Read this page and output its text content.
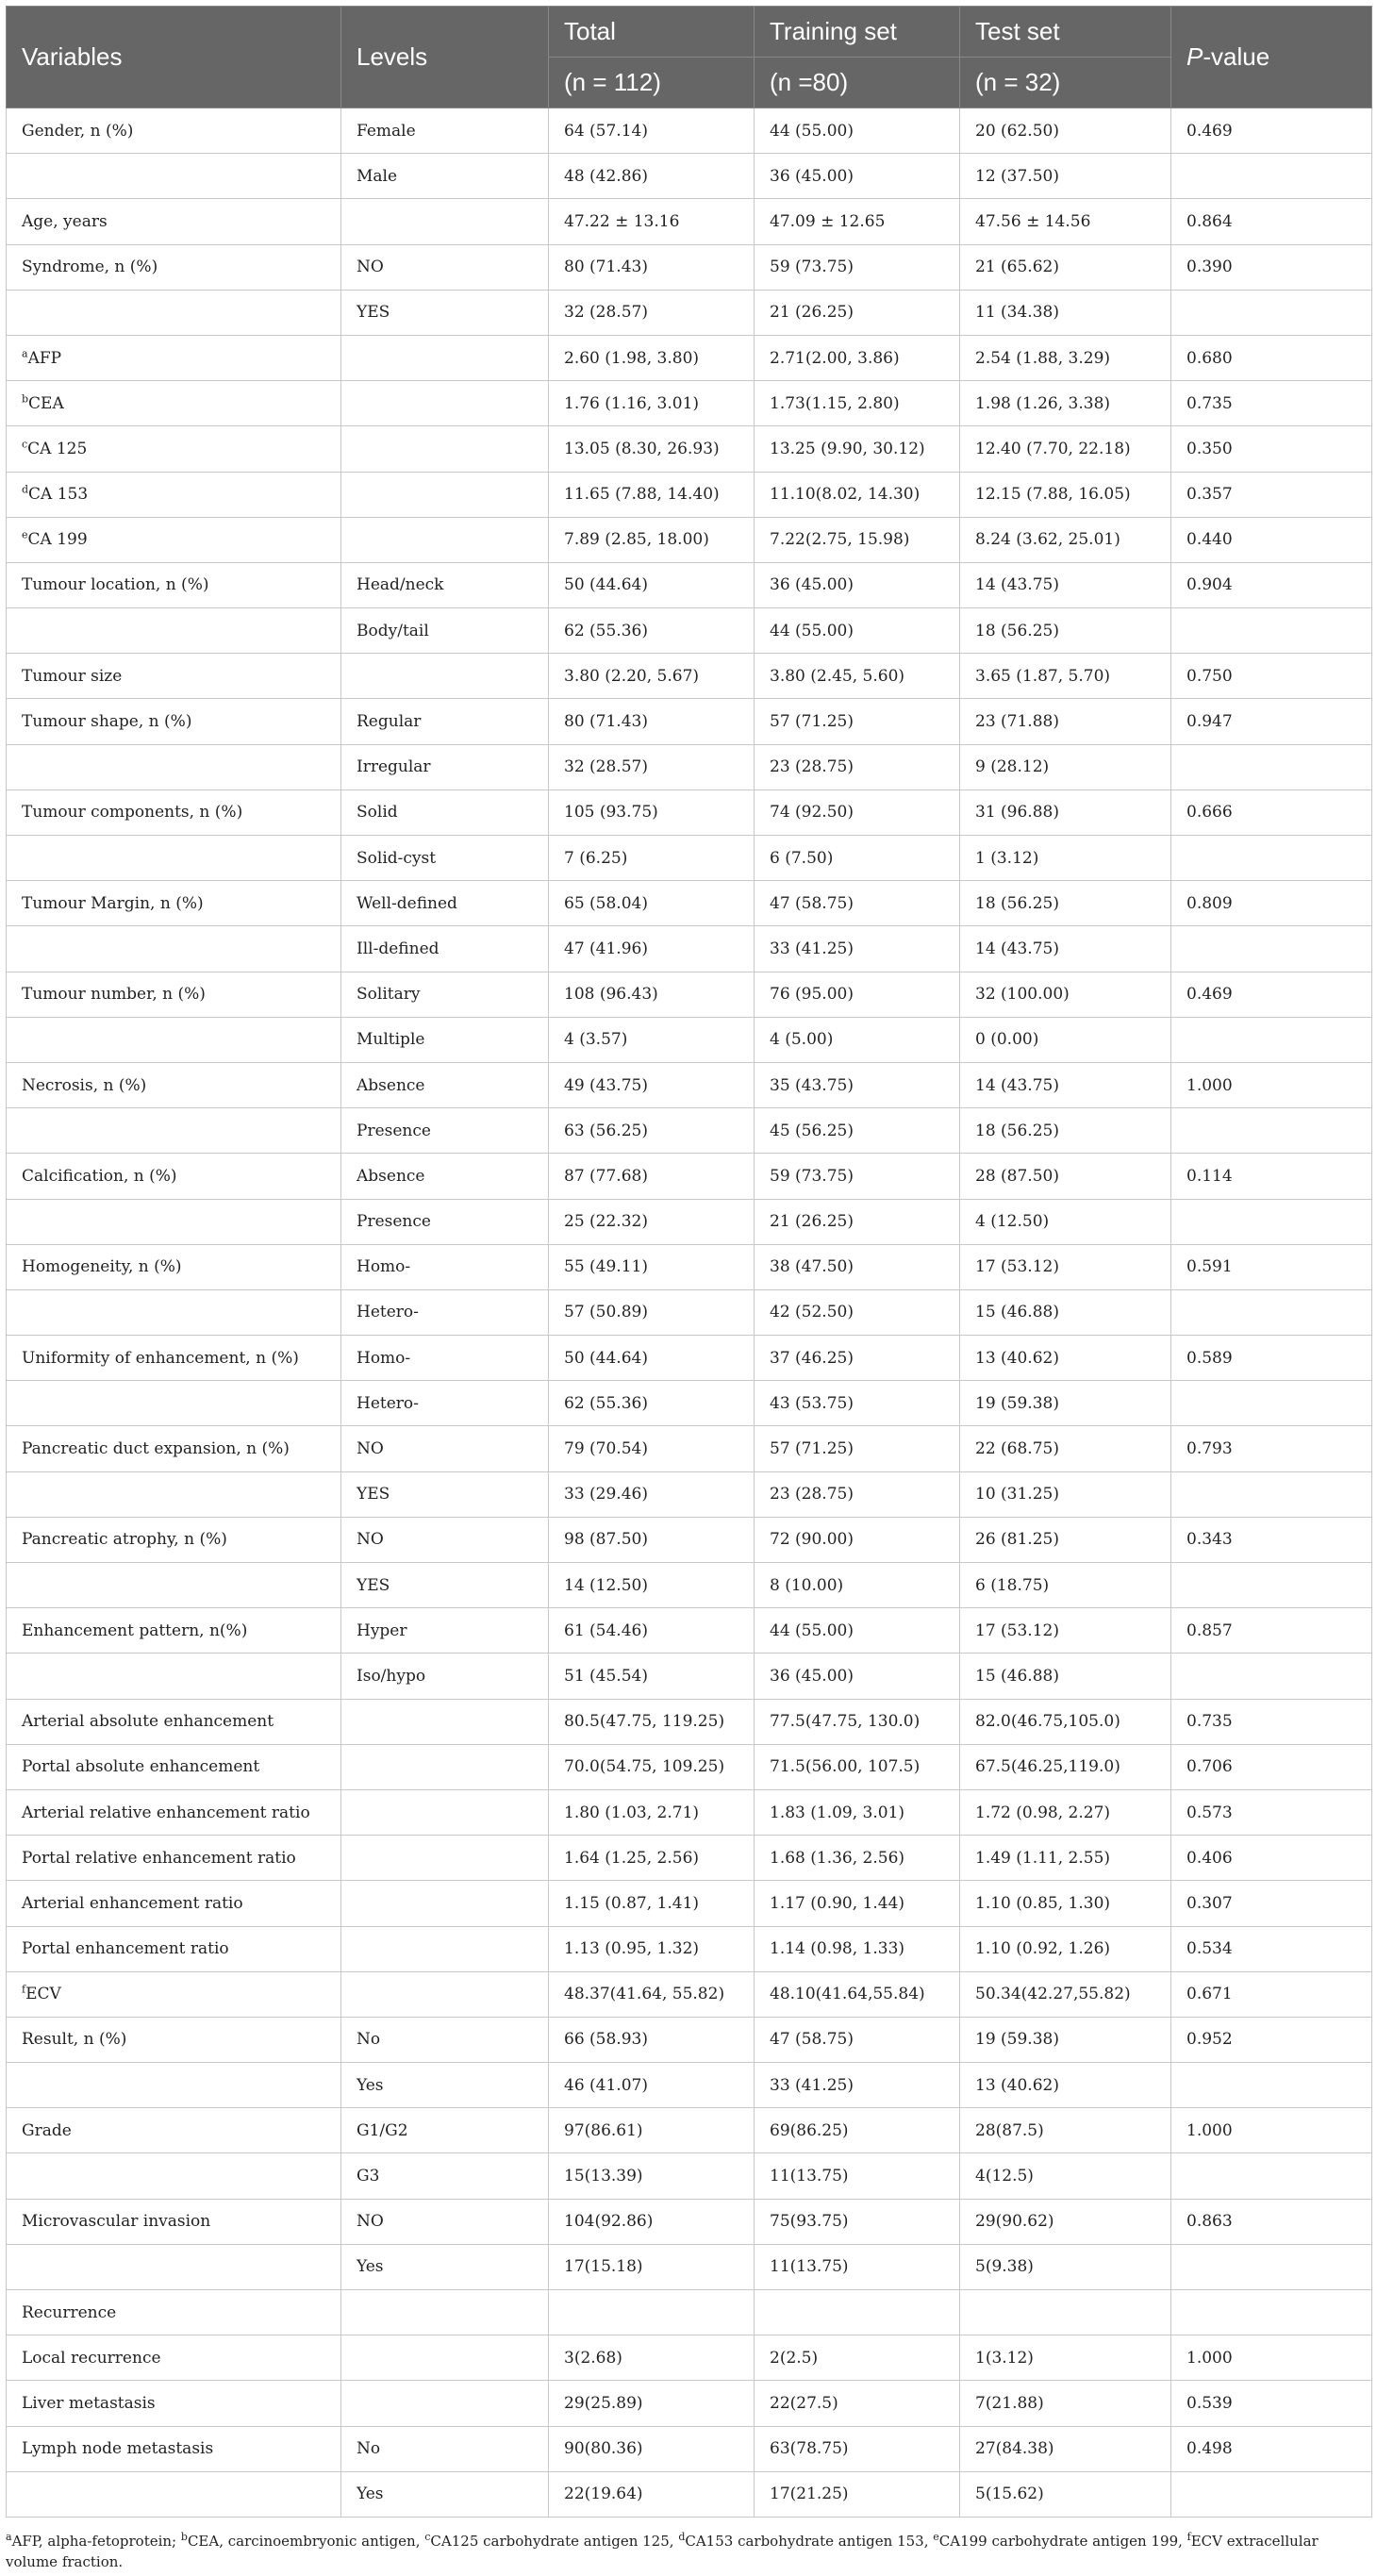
Variables	Levels	Total	Training set	Test set	P-value
		(n = 112)	(n =80)	(n = 32)	
Gender, n (%)	Female	64 (57.14)	44 (55.00)	20 (62.50)	0.469
	Male	48 (42.86)	36 (45.00)	12 (37.50)	
Age, years		47.22 ± 13.16	47.09 ± 12.65	47.56 ± 14.56	0.864
Syndrome, n (%)	NO	80 (71.43)	59 (73.75)	21 (65.62)	0.390
	YES	32 (28.57)	21 (26.25)	11 (34.38)	
$^a$AFP		2.60 (1.98, 3.80)	2.71(2.00, 3.86)	2.54 (1.88, 3.29)	0.680
$^b$CEA		1.76 (1.16, 3.01)	1.73(1.15, 2.80)	1.98 (1.26, 3.38)	0.735
$^c$CA 125		13.05 (8.30, 26.93)	13.25 (9.90, 30.12)	12.40 (7.70, 22.18)	0.350
$^d$CA 153		11.65 (7.88, 14.40)	11.10(8.02, 14.30)	12.15 (7.88, 16.05)	0.357
$^e$CA 199		7.89 (2.85, 18.00)	7.22(2.75, 15.98)	8.24 (3.62, 25.01)	0.440
Tumour location, n (%)	Head/neck	50 (44.64)	36 (45.00)	14 (43.75)	0.904
	Body/tail	62 (55.36)	44 (55.00)	18 (56.25)	
Tumour size		3.80 (2.20, 5.67)	3.80 (2.45, 5.60)	3.65 (1.87, 5.70)	0.750
Tumour shape, n (%)	Regular	80 (71.43)	57 (71.25)	23 (71.88)	0.947
	Irregular	32 (28.57)	23 (28.75)	9 (28.12)	
Tumour components, n (%)	Solid	105 (93.75)	74 (92.50)	31 (96.88)	0.666
	Solid-cyst	7 (6.25)	6 (7.50)	1 (3.12)	
Tumour Margin, n (%)	Well-defined	65 (58.04)	47 (58.75)	18 (56.25)	0.809
	Ill-defined	47 (41.96)	33 (41.25)	14 (43.75)	
Tumour number, n (%)	Solitary	108 (96.43)	76 (95.00)	32 (100.00)	0.469
	Multiple	4 (3.57)	4 (5.00)	0 (0.00)	
Necrosis, n (%)	Absence	49 (43.75)	35 (43.75)	14 (43.75)	1.000
	Presence	63 (56.25)	45 (56.25)	18 (56.25)	
Calcification, n (%)	Absence	87 (77.68)	59 (73.75)	28 (87.50)	0.114
	Presence	25 (22.32)	21 (26.25)	4 (12.50)	
Homogeneity, n (%)	Homo-	55 (49.11)	38 (47.50)	17 (53.12)	0.591
	Hetero-	57 (50.89)	42 (52.50)	15 (46.88)	
Uniformity of enhancement, n (%)	Homo-	50 (44.64)	37 (46.25)	13 (40.62)	0.589
	Hetero-	62 (55.36)	43 (53.75)	19 (59.38)	
Pancreatic duct expansion, n (%)	NO	79 (70.54)	57 (71.25)	22 (68.75)	0.793
	YES	33 (29.46)	23 (28.75)	10 (31.25)	
Pancreatic atrophy, n (%)	NO	98 (87.50)	72 (90.00)	26 (81.25)	0.343
	YES	14 (12.50)	8 (10.00)	6 (18.75)	
Enhancement pattern, n(%)	Hyper	61 (54.46)	44 (55.00)	17 (53.12)	0.857
	Iso/hypo	51 (45.54)	36 (45.00)	15 (46.88)	
Arterial absolute enhancement		80.5(47.75, 119.25)	77.5(47.75, 130.0)	82.0(46.75,105.0)	0.735
Portal absolute enhancement		70.0(54.75, 109.25)	71.5(56.00, 107.5)	67.5(46.25,119.0)	0.706
Arterial relative enhancement ratio		1.80 (1.03, 2.71)	1.83 (1.09, 3.01)	1.72 (0.98, 2.27)	0.573
Portal relative enhancement ratio		1.64 (1.25, 2.56)	1.68 (1.36, 2.56)	1.49 (1.11, 2.55)	0.406
Arterial enhancement ratio		1.15 (0.87, 1.41)	1.17 (0.90, 1.44)	1.10 (0.85, 1.30)	0.307
Portal enhancement ratio		1.13 (0.95, 1.32)	1.14 (0.98, 1.33)	1.10 (0.92, 1.26)	0.534
$^f$ECV		48.37(41.64, 55.82)	48.10(41.64,55.84)	50.34(42.27,55.82)	0.671
Result, n (%)	No	66 (58.93)	47 (58.75)	19 (59.38)	0.952
	Yes	46 (41.07)	33 (41.25)	13 (40.62)	
Grade	G1/G2	97(86.61)	69(86.25)	28(87.5)	1.000
	G3	15(13.39)	11(13.75)	4(12.5)	
Microvascular invasion	NO	104(92.86)	75(93.75)	29(90.62)	0.863
	Yes	17(15.18)	11(13.75)	5(9.38)	
Recurrence					
Local recurrence		3(2.68)	2(2.5)	1(3.12)	1.000
Liver metastasis		29(25.89)	22(27.5)	7(21.88)	0.539
Lymph node metastasis	No	90(80.36)	63(78.75)	27(84.38)	0.498
	Yes	22(19.64)	17(21.25)	5(15.62)	
$^a$AFP, alpha-fetoprotein; $^b$CEA, carcinoembryonic antigen, $^c$CA125 carbohydrate antigen 125, $^d$CA153 carbohydrate antigen 153, $^e$CA199 carbohydrate antigen 199, $^f$ECV extracellular volume fraction.
